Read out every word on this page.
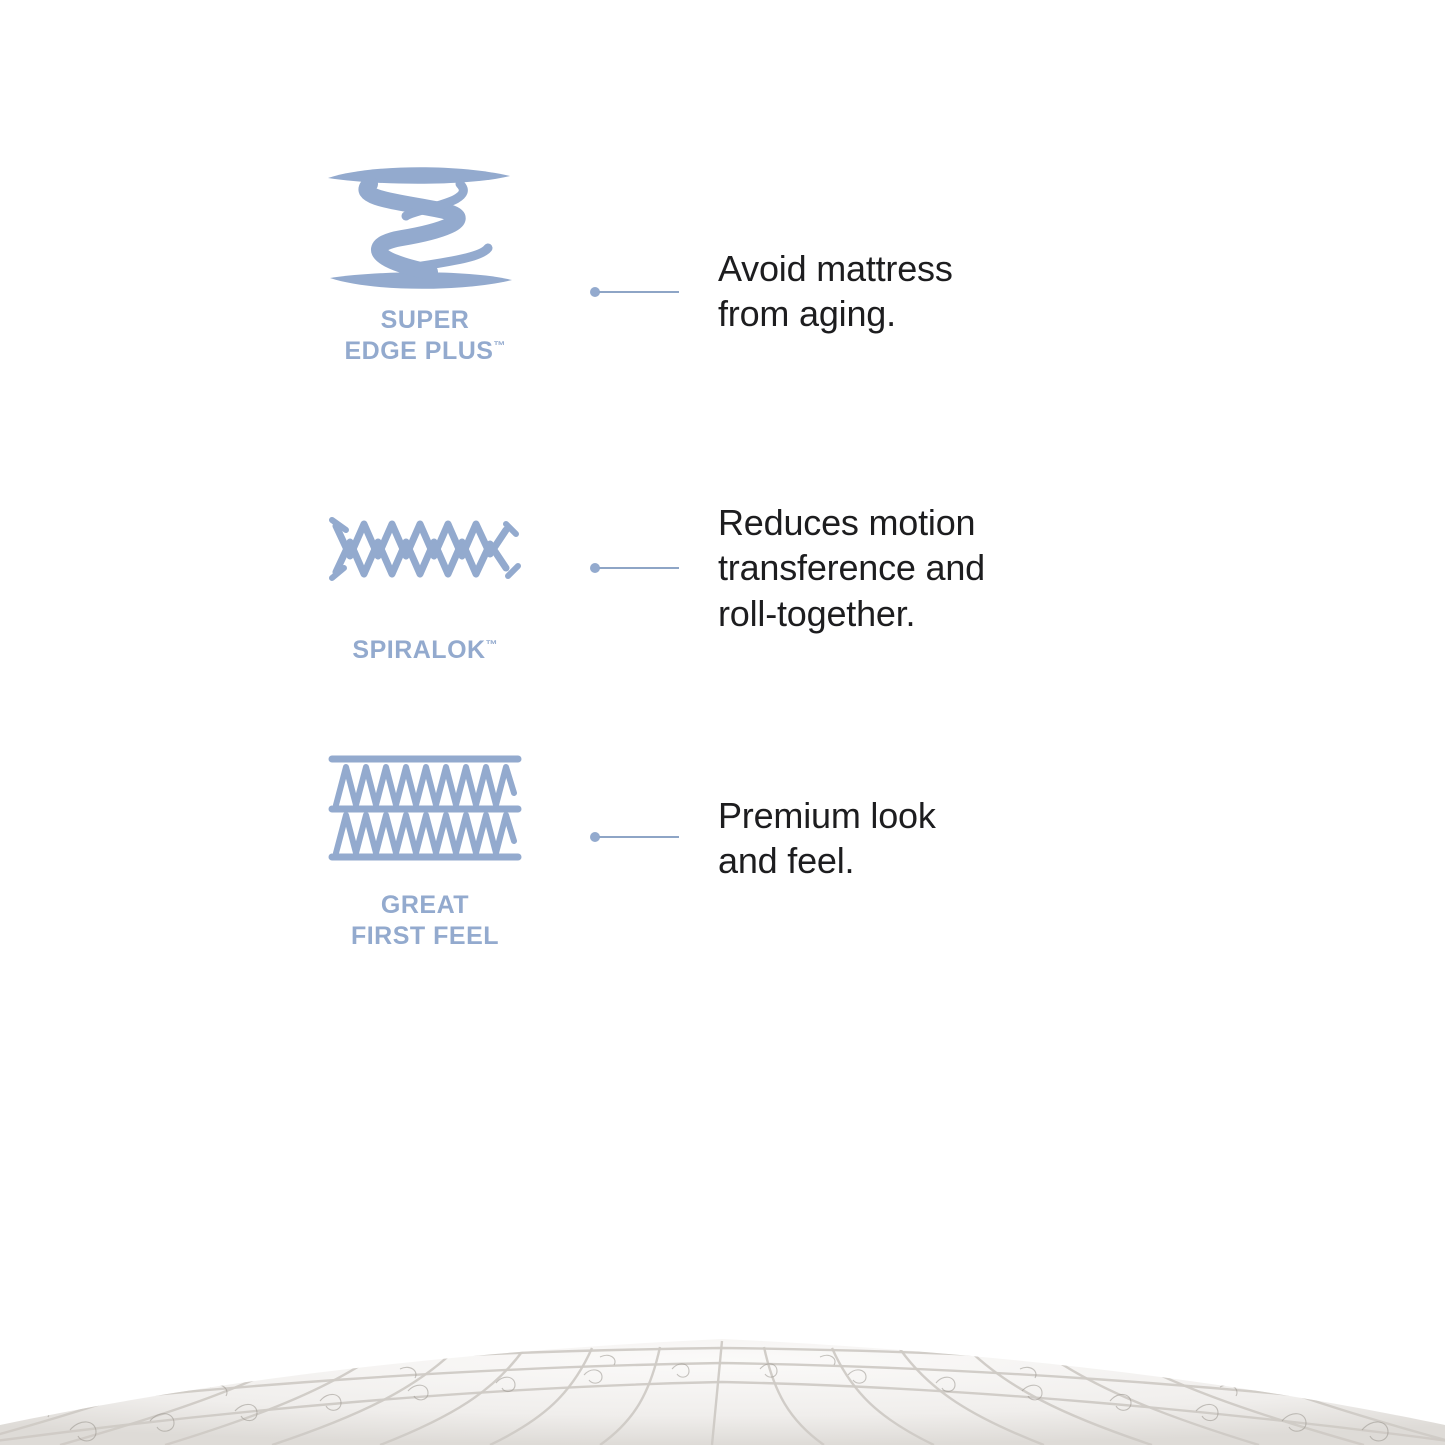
SUPER
EDGE PLUS™
Avoid mattress
from aging.
SPIRALOK™
Reduces motion
transference and
roll-together.
GREAT
FIRST FEEL
Premium look
and feel.
